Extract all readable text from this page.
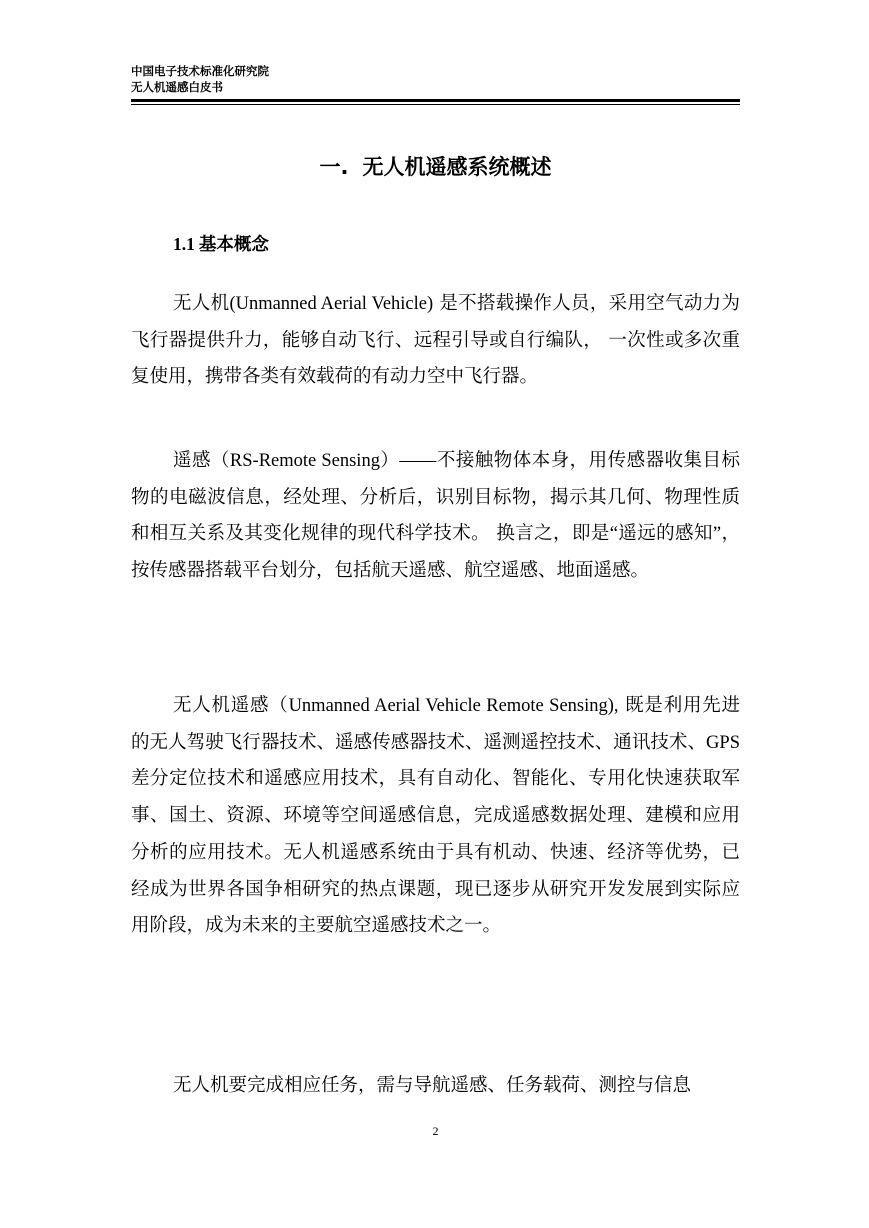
中国电子技术标准化研究院
无人机遥感白皮书
一. 无人机遥感系统概述
1.1 基本概念

无人机(Unmanned Aerial Vehicle) 是不搭载操作人员，采用空气动力为飞行器提供升力，能够自动飞行、远程引导或自行编队， 一次性或多次重复使用，携带各类有效载荷的有动力空中飞行器。

遥感（RS-Remote Sensing）——不接触物体本身，用传感器收集目标物的电磁波信息，经处理、分析后，识别目标物，揭示其几何、物理性质和相互关系及其变化规律的现代科学技术。 换言之，即是“遥远的感知”，按传感器搭载平台划分，包括航天遥感、航空遥感、地面遥感。

无人机遥感（Unmanned Aerial Vehicle Remote Sensing), 既是利用先进的无人驾驶飞行器技术、遥感传感器技术、遥测遥控技术、通讯技术、GPS 差分定位技术和遥感应用技术，具有自动化、智能化、专用化快速获取军事、国土、资源、环境等空间遥感信息，完成遥感数据处理、建模和应用分析的应用技术。无人机遥感系统由于具有机动、快速、经济等优势，已经成为世界各国争相研究的热点课题，现已逐步从研究开发发展到实际应用阶段，成为未来的主要航空遥感技术之一。

无人机要完成相应任务，需与导航遥感、任务载荷、测控与信息

2
